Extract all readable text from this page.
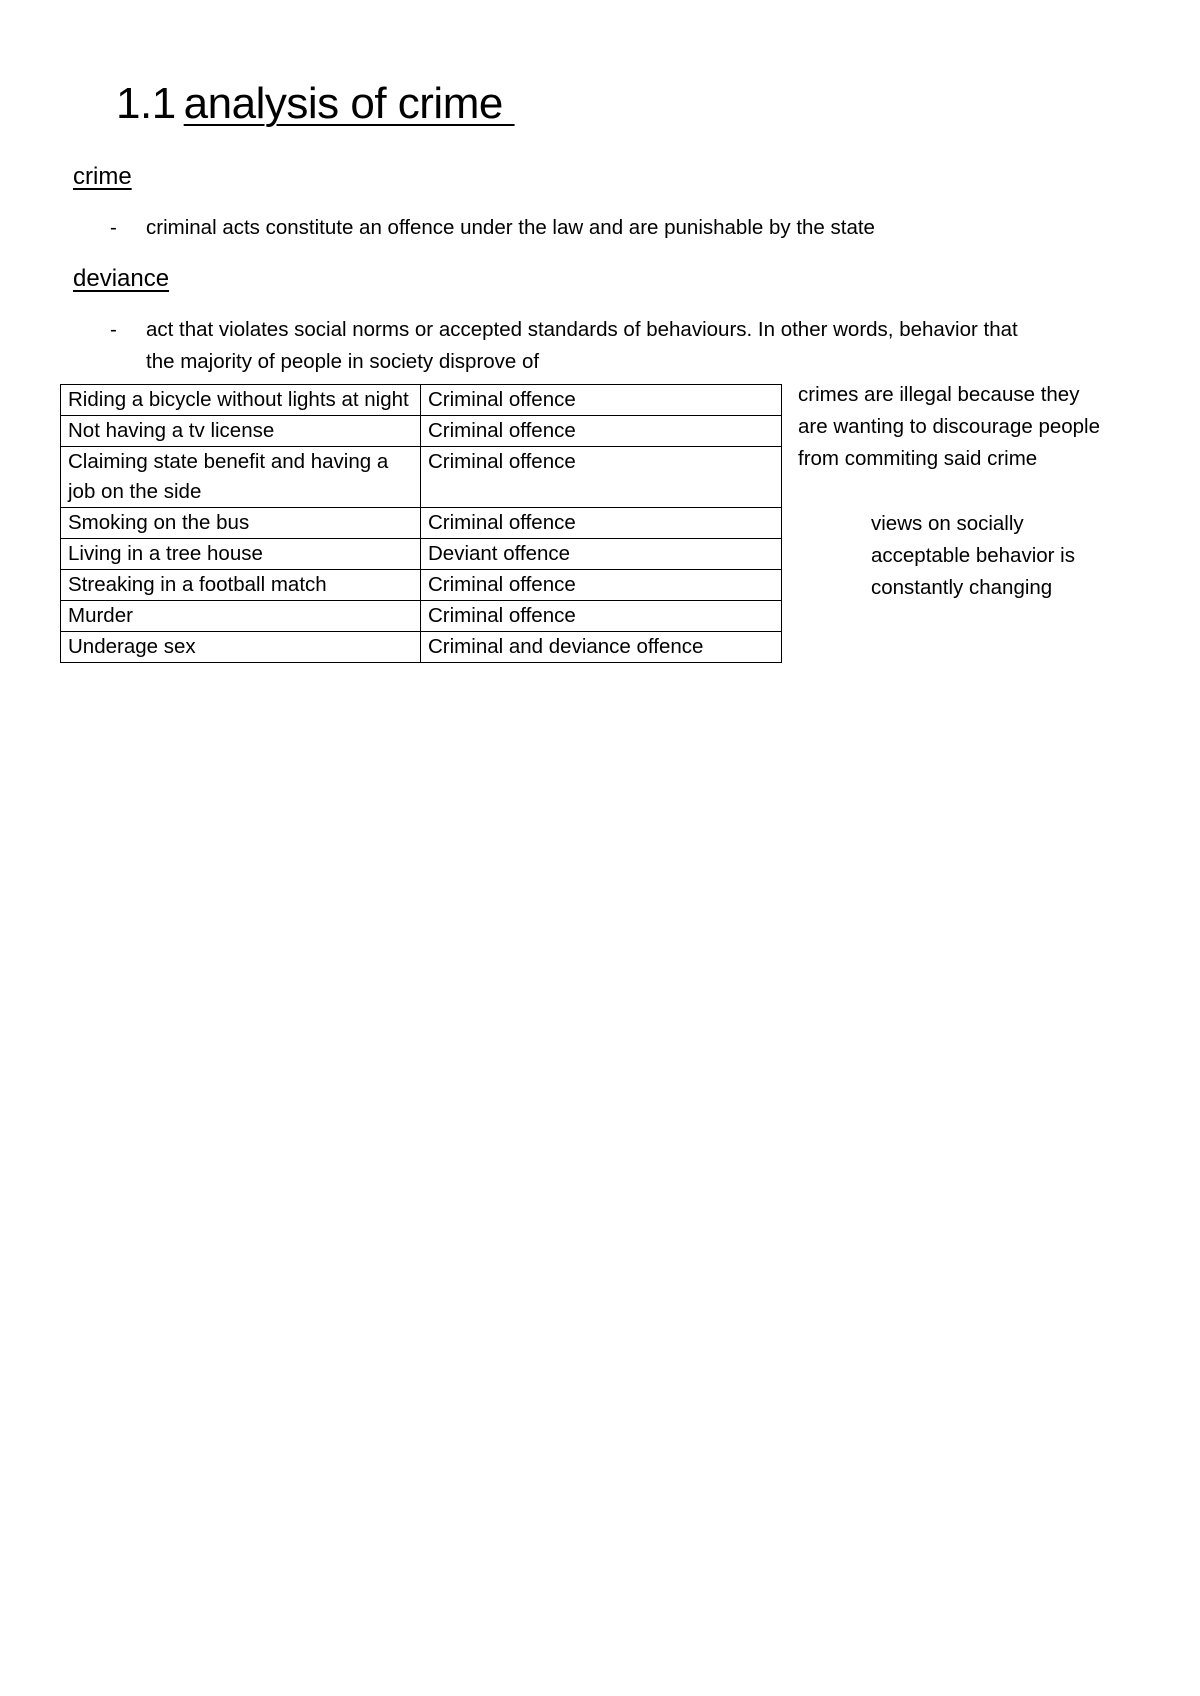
1.1 analysis of crime
crime
- criminal acts constitute an offence under the law and are punishable by the state
deviance
- act that violates social norms or accepted standards of behaviours. In other words, behavior that
the majority of people in society disprove of
Riding a bicycle without lights at night	Criminal offence
Not having a tv license	Criminal offence
Claiming state benefit and having a job on the side	Criminal offence
Smoking on the bus	Criminal offence
Living in a tree house	Deviant offence
Streaking in a football match	Criminal offence
Murder	Criminal offence
Underage sex	Criminal and deviance offence
crimes are illegal because they
are wanting to discourage people
from commiting said crime
views on socially
acceptable behavior is
constantly changing
